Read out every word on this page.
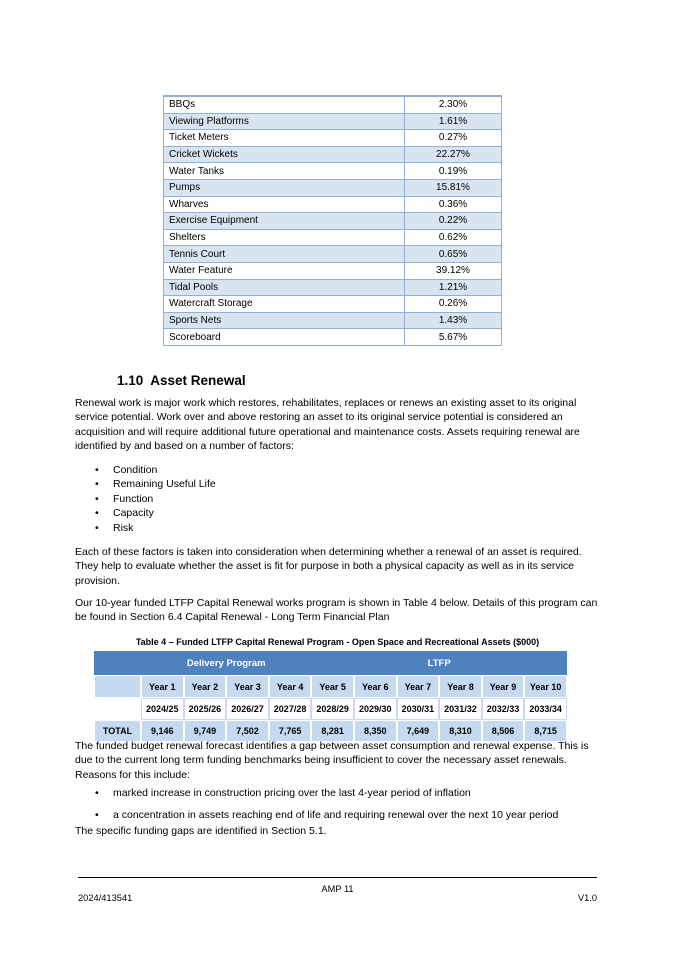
BBQs	2.30%
Viewing Platforms	1.61%
Ticket Meters	0.27%
Cricket Wickets	22.27%
Water Tanks	0.19%
Pumps	15.81%
Wharves	0.36%
Exercise Equipment	0.22%
Shelters	0.62%
Tennis Court	0.65%
Water Feature	39.12%
Tidal Pools	1.21%
Watercraft Storage	0.26%
Sports Nets	1.43%
Scoreboard	5.67%
1.10 Asset Renewal
Renewal work is major work which restores, rehabilitates, replaces or renews an existing asset to its original service potential. Work over and above restoring an asset to its original service potential is considered an acquisition and will require additional future operational and maintenance costs. Assets requiring renewal are identified by and based on a number of factors:
• Condition
• Remaining Useful Life
• Function
• Capacity
• Risk
Each of these factors is taken into consideration when determining whether a renewal of an asset is required. They help to evaluate whether the asset is fit for purpose in both a physical capacity as well as in its service provision.
Our 10-year funded LTFP Capital Renewal works program is shown in Table 4 below. Details of this program can be found in Section 6.4 Capital Renewal - Long Term Financial Plan
Table 4 – Funded LTFP Capital Renewal Program - Open Space and Recreational Assets ($000)
	Delivery Program				LTFP					
	Year 1	Year 2	Year 3	Year 4	Year 5	Year 6	Year 7	Year 8	Year 9	Year 10
	2024/25	2025/26	2026/27	2027/28	2028/29	2029/30	2030/31	2031/32	2032/33	2033/34
TOTAL	9,146	9,749	7,502	7,765	8,281	8,350	7,649	8,310	8,506	8,715
The funded budget renewal forecast identifies a gap between asset consumption and renewal expense. This is due to the current long term funding benchmarks being insufficient to cover the necessary asset renewals. Reasons for this include:
• marked increase in construction pricing over the last 4-year period of inflation
• a concentration in assets reaching end of life and requiring renewal over the next 10 year period
The specific funding gaps are identified in Section 5.1.
AMP 11
2024/413541	V1.0
